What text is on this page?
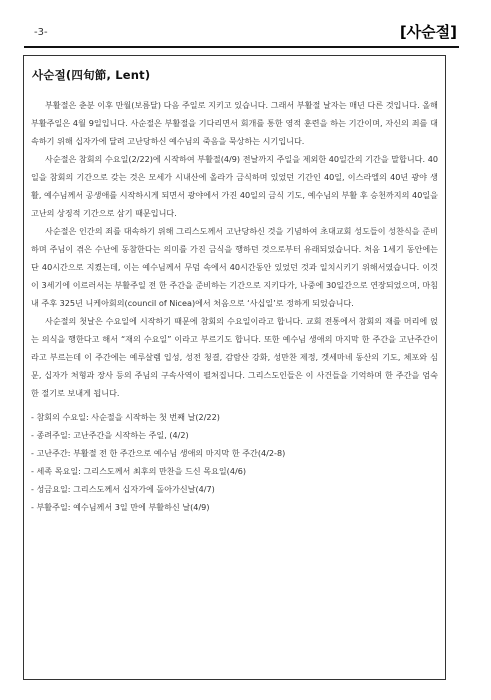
-3-	[사순절]
사순절(四旬節, Lent)

부활절은 춘분 이후 만월(보름달) 다음 주일로 지키고 있습니다. 그래서 부활절 날자는 매년 다른 것입니다. 올해 부활주일은 4월 9일입니다. 사순절은 부활절을 기다리면서 회개를 통한 영적 훈련을 하는 기간이며, 자신의 죄를 대속하기 위해 십자가에 달려 고난당하신 예수님의 죽음을 묵상하는 시기입니다.

사순절은 참회의 수요일(2/22)에 시작하여 부활절(4/9) 전날까지 주일을 제외한 40일간의 기간을 말합니다. 40일을 참회의 기간으로 갖는 것은 모세가 시내산에 올라가 금식하며 있었던 기간인 40일, 이스라엘의 40년 광야 생활, 예수님께서 공생애를 시작하시게 되면서 광야에서 가진 40일의 금식 기도, 예수님의 부활 후 승천까지의 40일을 고난의 상징적 기간으로 삼기 때문입니다.

사순절은 인간의 죄를 대속하기 위해 그리스도께서 고난당하신 것을 기념하여 초대교회 성도들이 성찬식을 준비하며 주님이 겪은 수난에 동참한다는 의미를 가진 금식을 행하던 것으로부터 유래되었습니다. 처음 1세기 동안에는 단 40시간으로 지켰는데, 이는 예수님께서 무덤 속에서 40시간동안 있었던 것과 일치시키기 위해서였습니다. 이것이 3세기에 이르러서는 부활주일 전 한 주간을 준비하는 기간으로 지키다가, 나중에 30일간으로 연장되었으며, 마침내 주후 325년 니케아회의(council of Nicea)에서 처음으로 ‘사십일’로 정하게 되었습니다.

사순절의 첫날은 수요일에 시작하기 때문에 참회의 수요일이라고 합니다. 교회 전통에서 참회의 재를 머리에 얹는 의식을 행한다고 해서 “재의 수요일” 이라고 부르기도 합니다. 또한 예수님 생애의 마지막 한 주간을 고난주간이라고 부르는데 이 주간에는 예루살렘 입성, 성전 청결, 감람산 강화, 성만찬 제정, 겟세마네 동산의 기도, 체포와 심문, 십자가 처형과 장사 등의 주님의 구속사역이 펼쳐집니다. 그리스도인들은 이 사건들을 기억하며 한 주간을 엄숙한 절기로 보내게 됩니다.

- 참회의 수요일: 사순절을 시작하는 첫 번째 날(2/22)
- 종려주일: 고난주간을 시작하는 주일, (4/2)
- 고난주간: 부활절 전 한 주간으로 예수님 생애의 마지막 한 주간(4/2-8)
- 세족 목요일: 그리스도께서 최후의 만찬을 드신 목요일(4/6)
- 성금요일: 그리스도께서 십자가에 돌아가신날(4/7)
- 부활주일: 예수님께서 3일 만에 부활하신 날(4/9)
